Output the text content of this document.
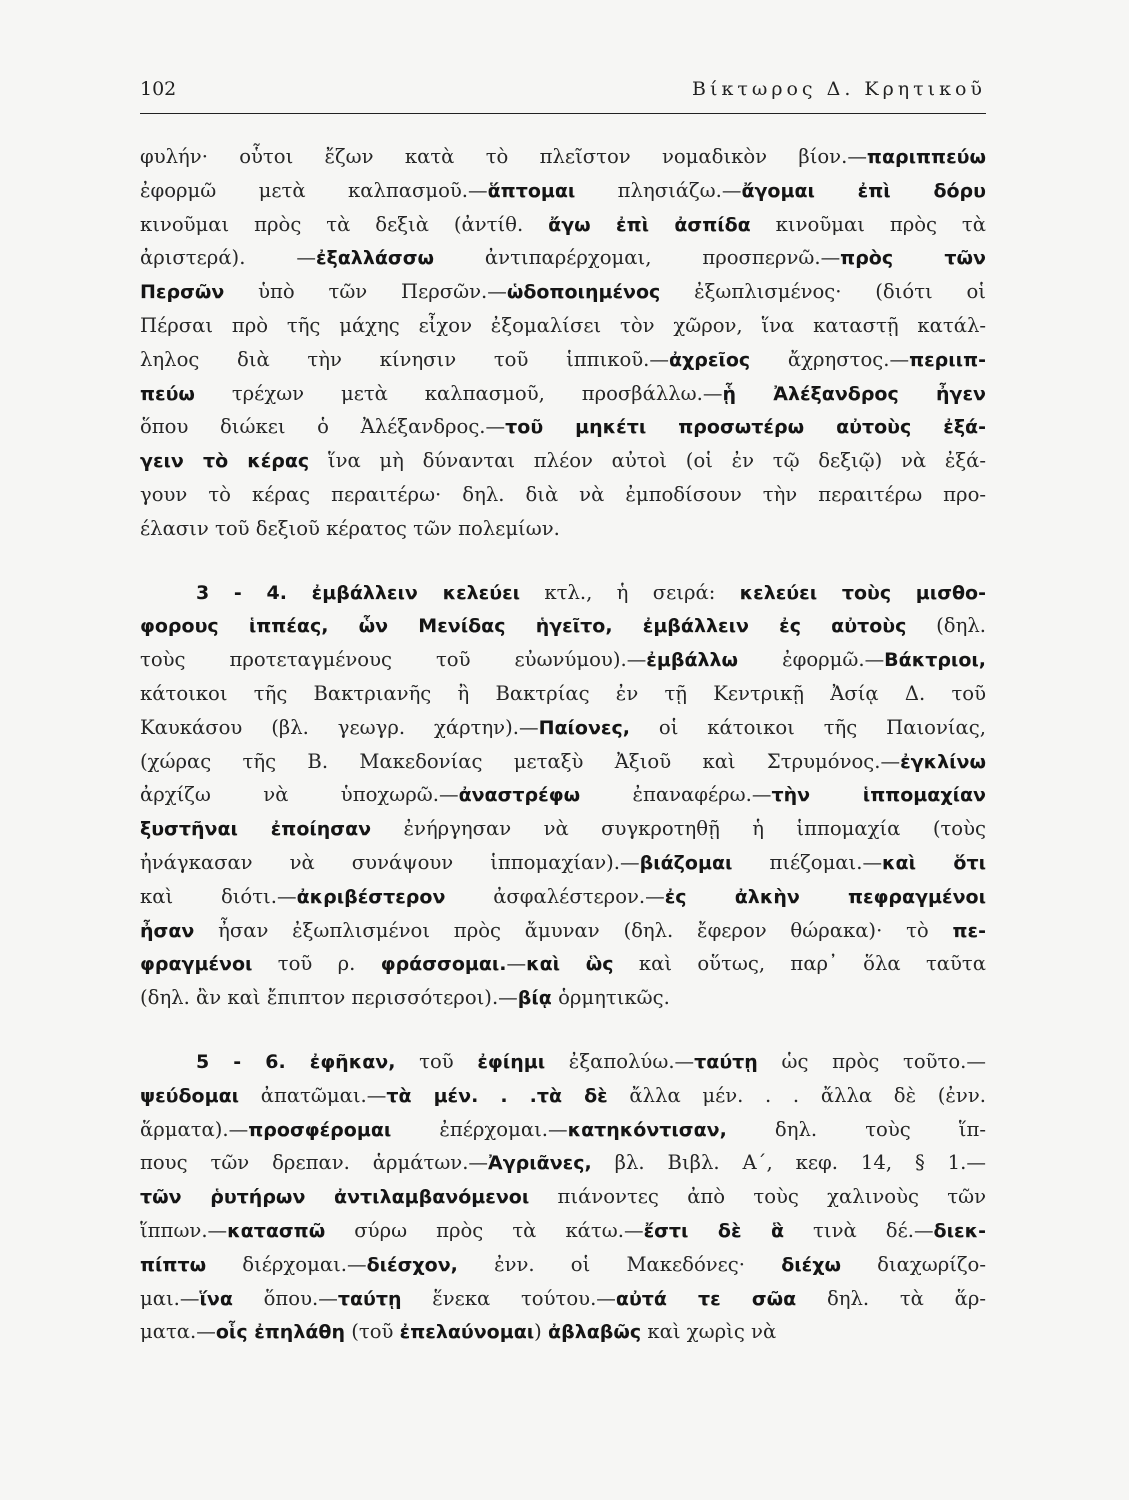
102	Βίκτωρος Δ. Κρητικοῦ
φυλήν· οὗτοι ἔζων κατὰ τὸ πλεῖστον νομαδικὸν βίον.—παριππεύω
ἐφορμῶ μετὰ καλπασμοῦ.—ἅπτομαι πλησιάζω.—ἄγομαι ἐπὶ δόρυ
κινοῦμαι πρὸς τὰ δεξιὰ (ἀντίθ. ἄγω ἐπὶ ἀσπίδα κινοῦμαι πρὸς τὰ
ἀριστερά). —ἐξαλλάσσω ἀντιπαρέρχομαι, προσπερνῶ.—πρὸς τῶν
Περσῶν ὑπὸ τῶν Περσῶν.—ὡδοποιημένος ἐξωπλισμένος· (διότι οἱ
Πέρσαι πρὸ τῆς μάχης εἶχον ἐξομαλίσει τὸν χῶρον, ἵνα καταστῇ κατάλ-
ληλος διὰ τὴν κίνησιν τοῦ ἱππικοῦ.—ἀχρεῖος ἄχρηστος.—περιιπ-
πεύω τρέχων μετὰ καλπασμοῦ, προσβάλλω.—ᾗ Ἀλέξανδρος ἦγεν
ὅπου διώκει ὁ Ἀλέξανδρος.—τοῦ μηκέτι προσωτέρω αὐτοὺς ἐξά-
γειν τὸ κέρας ἵνα μὴ δύνανται πλέον αὐτοὶ (οἱ ἐν τῷ δεξιῷ) νὰ ἐξά-
γουν τὸ κέρας περαιτέρω· δηλ. διὰ νὰ ἐμποδίσουν τὴν περαιτέρω προ-
έλασιν τοῦ δεξιοῦ κέρατος τῶν πολεμίων.
3 - 4. ἐμβάλλειν κελεύει κτλ., ἡ σειρά: κελεύει τοὺς μισθο-
φορους ἱππέας, ὧν Μενίδας ἡγεῖτο, ἐμβάλλειν ἐς αὐτοὺς (δηλ.
τοὺς προτεταγμένους τοῦ εὐωνύμου).—ἐμβάλλω ἐφορμῶ.—Βάκτριοι,
κάτοικοι τῆς Βακτριανῆς ἢ Βακτρίας ἐν τῇ Κεντρικῇ Ἀσίᾳ Δ. τοῦ
Καυκάσου (βλ. γεωγρ. χάρτην).—Παίονες, οἱ κάτοικοι τῆς Παιονίας,
(χώρας τῆς Β. Μακεδονίας μεταξὺ Ἀξιοῦ καὶ Στρυμόνος.—ἐγκλίνω
ἀρχίζω νὰ ὑποχωρῶ.—ἀναστρέφω ἐπαναφέρω.—τὴν ἱππομαχίαν
ξυστῆναι ἐποίησαν ἐνήργησαν νὰ συγκροτηθῇ ἡ ἱππομαχία (τοὺς
ἠνάγκασαν νὰ συνάψουν ἱππομαχίαν).—βιάζομαι πιέζομαι.—καὶ ὅτι
καὶ διότι.—ἀκριβέστερον ἀσφαλέστερον.—ἐς ἀλκὴν πεφραγμένοι
ἦσαν ἦσαν ἐξωπλισμένοι πρὸς ἄμυναν (δηλ. ἔφερον θώρακα)· τὸ πε-
φραγμένοι τοῦ ρ. φράσσομαι.—καὶ ὣς καὶ οὕτως, παρ᾽ ὅλα ταῦτα
(δηλ. ἂν καὶ ἔπιπτον περισσότεροι).—βίᾳ ὁρμητικῶς.
5 - 6. ἐφῆκαν, τοῦ ἐφίημι ἐξαπολύω.—ταύτῃ ὡς πρὸς τοῦτο.—
ψεύδομαι ἀπατῶμαι.—τὰ μέν. . .τὰ δὲ ἄλλα μέν. . . ἄλλα δὲ (ἐνν.
ἅρματα).—προσφέρομαι ἐπέρχομαι.—κατηκόντισαν, δηλ. τοὺς ἵπ-
πους τῶν δρεπαν. ἁρμάτων.—Ἀγριᾶνες, βλ. Βιβλ. Α΄, κεφ. 14, § 1.—
τῶν ῥυτήρων ἀντιλαμβανόμενοι πιάνοντες ἀπὸ τοὺς χαλινοὺς τῶν
ἵππων.—κατασπῶ σύρω πρὸς τὰ κάτω.—ἔστι δὲ ἃ τινὰ δέ.—διεκ-
πίπτω διέρχομαι.—διέσχον, ἐνν. οἱ Μακεδόνες· διέχω διαχωρίζο-
μαι.—ἵνα ὅπου.—ταύτῃ ἕνεκα τούτου.—αὐτά τε σῶα δηλ. τὰ ἅρ-
ματα.—οἷς ἐπηλάθη (τοῦ ἐπελαύνομαι) ἀβλαβῶς καὶ χωρὶς νὰ
